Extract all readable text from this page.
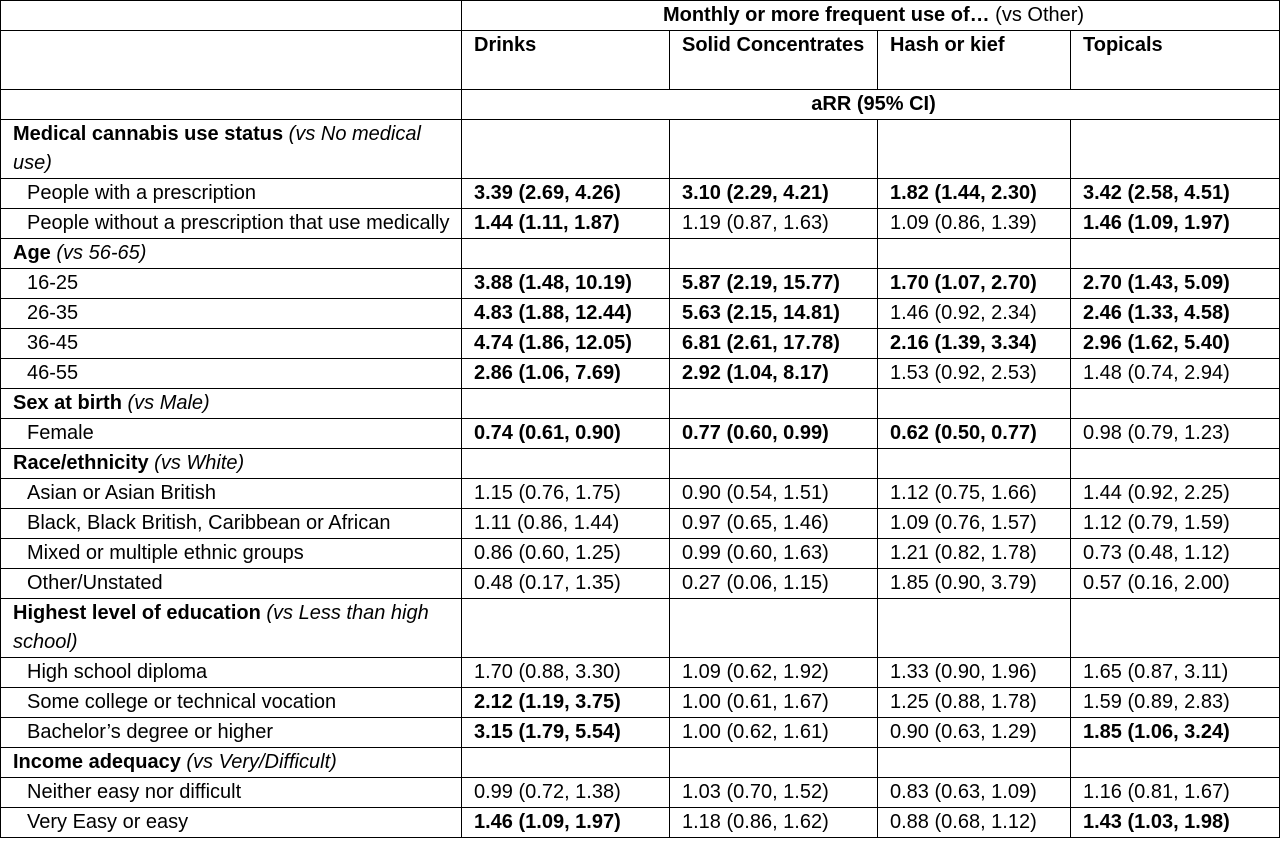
	Monthly or more frequent use of… (vs Other)			
	Drinks	Solid Concentrates	Hash or kief	Topicals
	aRR (95% CI)			
Medical cannabis use status (vs No medical use)				
People with a prescription	3.39 (2.69, 4.26)	3.10 (2.29, 4.21)	1.82 (1.44, 2.30)	3.42 (2.58, 4.51)
People without a prescription that use medically	1.44 (1.11, 1.87)	1.19 (0.87, 1.63)	1.09 (0.86, 1.39)	1.46 (1.09, 1.97)
Age (vs 56-65)				
16-25	3.88 (1.48, 10.19)	5.87 (2.19, 15.77)	1.70 (1.07, 2.70)	2.70 (1.43, 5.09)
26-35	4.83 (1.88, 12.44)	5.63 (2.15, 14.81)	1.46 (0.92, 2.34)	2.46 (1.33, 4.58)
36-45	4.74 (1.86, 12.05)	6.81 (2.61, 17.78)	2.16 (1.39, 3.34)	2.96 (1.62, 5.40)
46-55	2.86 (1.06, 7.69)	2.92 (1.04, 8.17)	1.53 (0.92, 2.53)	1.48 (0.74, 2.94)
Sex at birth (vs Male)				
Female	0.74 (0.61, 0.90)	0.77 (0.60, 0.99)	0.62 (0.50, 0.77)	0.98 (0.79, 1.23)
Race/ethnicity (vs White)				
Asian or Asian British	1.15 (0.76, 1.75)	0.90 (0.54, 1.51)	1.12 (0.75, 1.66)	1.44 (0.92, 2.25)
Black, Black British, Caribbean or African	1.11 (0.86, 1.44)	0.97 (0.65, 1.46)	1.09 (0.76, 1.57)	1.12 (0.79, 1.59)
Mixed or multiple ethnic groups	0.86 (0.60, 1.25)	0.99 (0.60, 1.63)	1.21 (0.82, 1.78)	0.73 (0.48, 1.12)
Other/Unstated	0.48 (0.17, 1.35)	0.27 (0.06, 1.15)	1.85 (0.90, 3.79)	0.57 (0.16, 2.00)
Highest level of education (vs Less than high school)				
High school diploma	1.70 (0.88, 3.30)	1.09 (0.62, 1.92)	1.33 (0.90, 1.96)	1.65 (0.87, 3.11)
Some college or technical vocation	2.12 (1.19, 3.75)	1.00 (0.61, 1.67)	1.25 (0.88, 1.78)	1.59 (0.89, 2.83)
Bachelor’s degree or higher	3.15 (1.79, 5.54)	1.00 (0.62, 1.61)	0.90 (0.63, 1.29)	1.85 (1.06, 3.24)
Income adequacy (vs Very/Difficult)				
Neither easy nor difficult	0.99 (0.72, 1.38)	1.03 (0.70, 1.52)	0.83 (0.63, 1.09)	1.16 (0.81, 1.67)
Very Easy or easy	1.46 (1.09, 1.97)	1.18 (0.86, 1.62)	0.88 (0.68, 1.12)	1.43 (1.03, 1.98)
